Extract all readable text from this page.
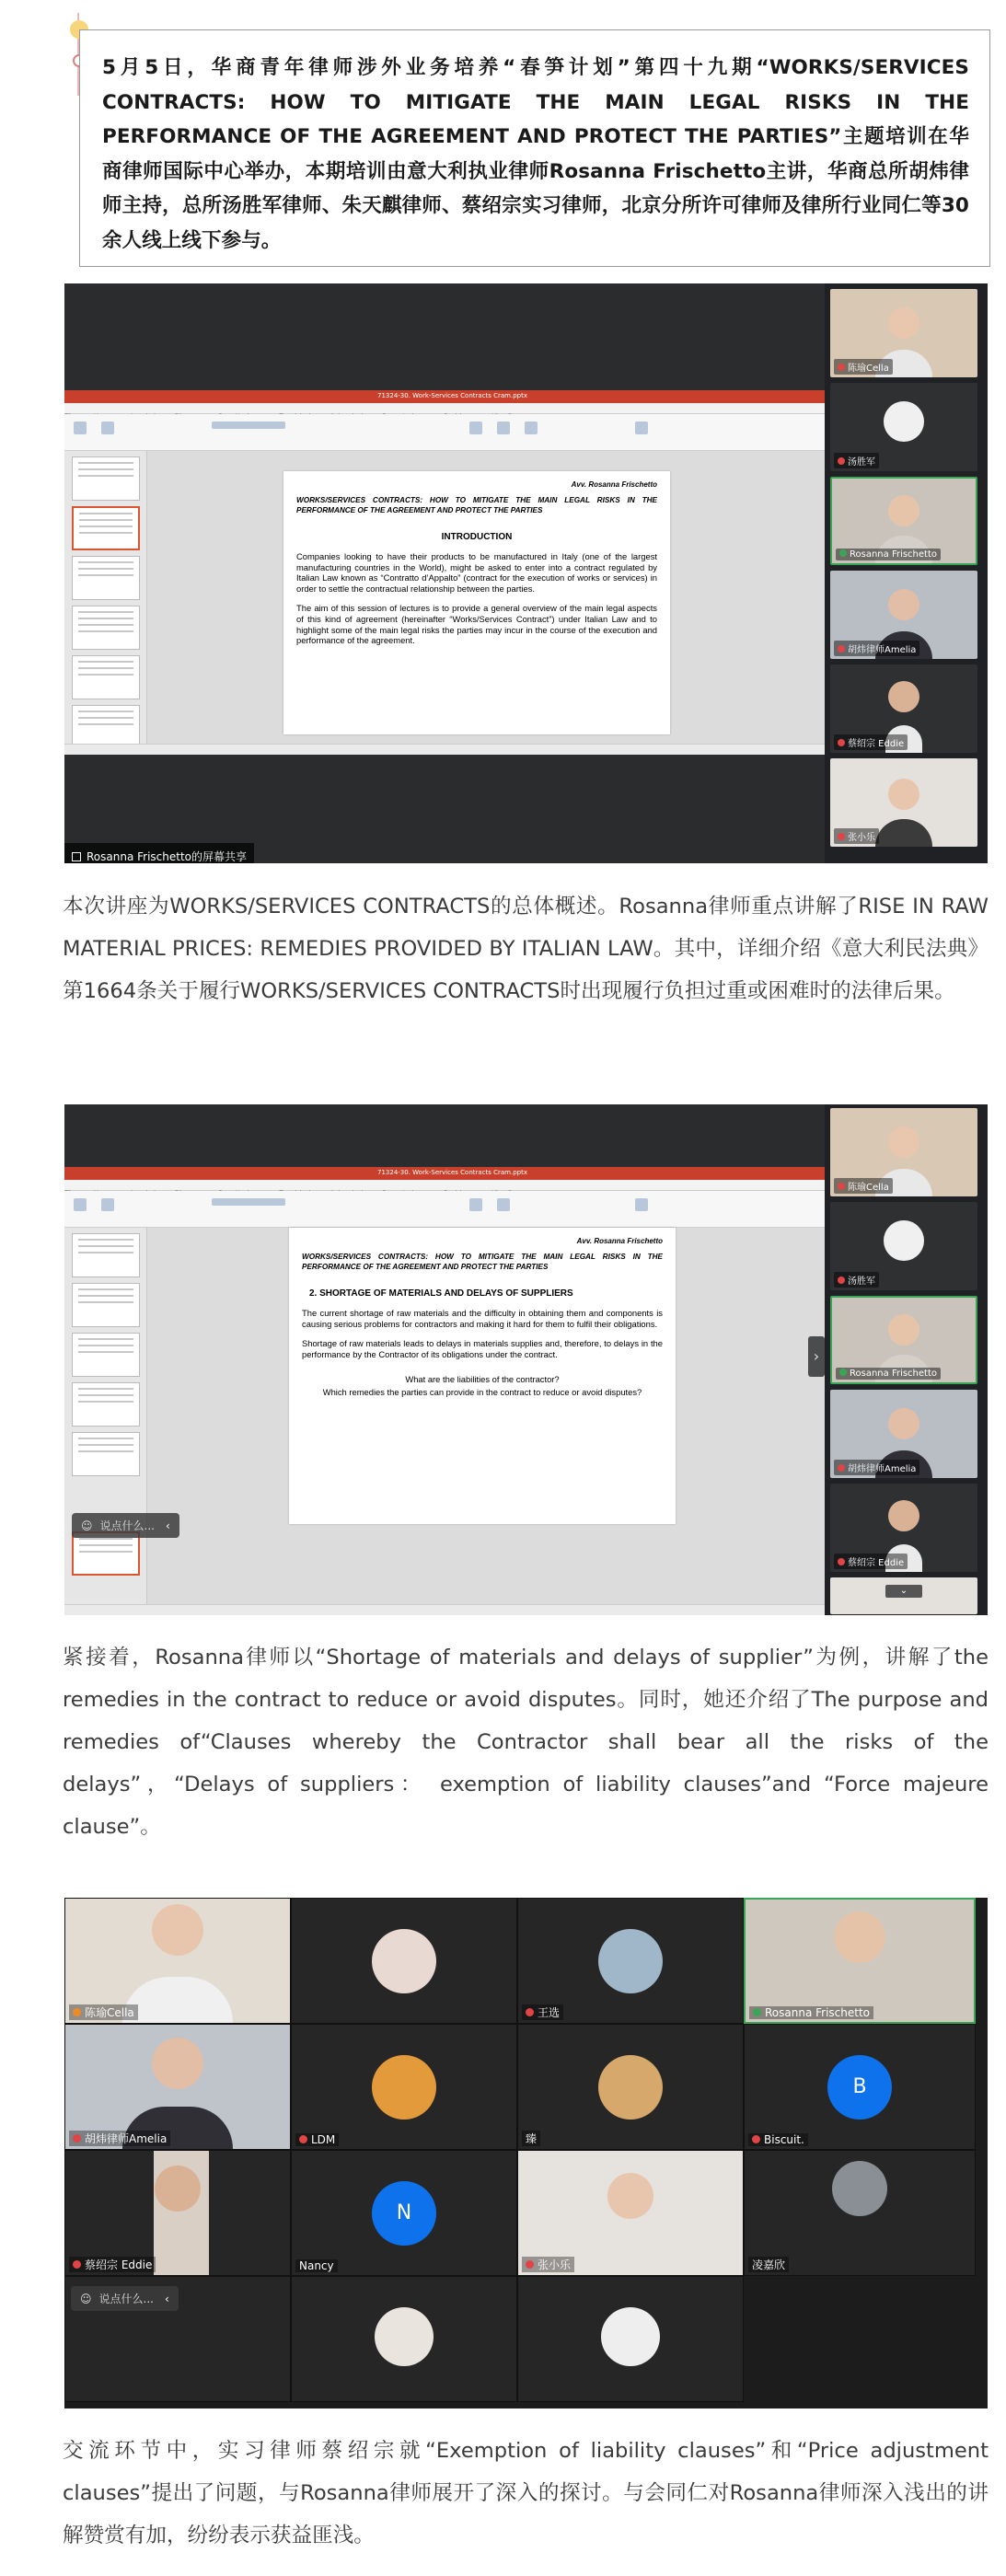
5月5日，华商青年律师涉外业务培养“春笋计划”第四十九期“WORKS/SERVICES CONTRACTS: HOW TO MITIGATE THE MAIN LEGAL RISKS IN THE PERFORMANCE OF THE AGREEMENT AND PROTECT THE PARTIES”主题培训在华商律师国际中心举办，本期培训由意大利执业律师Rosanna Frischetto主讲，华商总所胡炜律师主持，总所汤胜军律师、朱天麒律师、蔡绍宗实习律师，北京分所许可律师及律所行业同仁等30余人线上线下参与。
71324-30. Work-Services Contracts Cram.pptx
Avv. Rosanna Frischetto
WORKS/SERVICES CONTRACTS: HOW TO MITIGATE THE MAIN LEGAL RISKS IN THE PERFORMANCE OF THE AGREEMENT AND PROTECT THE PARTIES
INTRODUCTION

Companies looking to have their products to be manufactured in Italy (one of the largest manufacturing countries in the World), might be asked to enter into a contract regulated by Italian Law known as “Contratto d’Appalto” (contract for the execution of works or services) in order to settle the contractual relationship between the parties.

The aim of this session of lectures is to provide a general overview of the main legal aspects of this kind of agreement (hereinafter “Works/Services Contract”) under Italian Law and to highlight some of the main legal risks the parties may incur in the course of the execution and performance of the agreement.

Rosanna Frischetto的屏幕共享
陈瑜Cella
汤胜军
Rosanna Frischetto
胡炜律师Amelia
蔡绍宗 Eddie
张小乐
本次讲座为WORKS/SERVICES CONTRACTS的总体概述。Rosanna律师重点讲解了RISE IN RAW MATERIAL PRICES: REMEDIES PROVIDED BY ITALIAN LAW。其中，详细介绍《意大利民法典》第1664条关于履行WORKS/SERVICES CONTRACTS时出现履行负担过重或困难时的法律后果。
71324-30. Work-Services Contracts Cram.pptx
Avv. Rosanna Frischetto
WORKS/SERVICES CONTRACTS: HOW TO MITIGATE THE MAIN LEGAL RISKS IN THE PERFORMANCE OF THE AGREEMENT AND PROTECT THE PARTIES
2. SHORTAGE OF MATERIALS AND DELAYS OF SUPPLIERS

The current shortage of raw materials and the difficulty in obtaining them and components is causing serious problems for contractors and making it hard for them to fulfil their obligations.

Shortage of raw materials leads to delays in materials supplies and, therefore, to delays in the performance by the Contractor of its obligations under the contract.

What are the liabilities of the contractor?

Which remedies the parties can provide in the contract to reduce or avoid disputes?

☺ 说点什么... ‹
›
陈瑜Cella
汤胜军
Rosanna Frischetto
胡炜律师Amelia
蔡绍宗 Eddie
⌄
紧接着，Rosanna律师以“Shortage of materials and delays of supplier”为例，讲解了the remedies in the contract to reduce or avoid disputes。同时，她还介绍了The purpose and remedies of“Clauses whereby the Contractor shall bear all the risks of the delays”，“Delays of suppliers： exemption of liability clauses”and “Force majeure clause”。
陈瑜Cella	王选	Rosanna Frischetto
胡炜律师Amelia	LDM	臻
B
Biscuit.
蔡绍宗 Eddie
N
Nancy	张小乐	凌嘉欣
☺ 说点什么... ‹
交流环节中，实习律师蔡绍宗就“Exemption of liability clauses”和“Price adjustment clauses”提出了问题，与Rosanna律师展开了深入的探讨。与会同仁对Rosanna律师深入浅出的讲解赞赏有加，纷纷表示获益匪浅。
